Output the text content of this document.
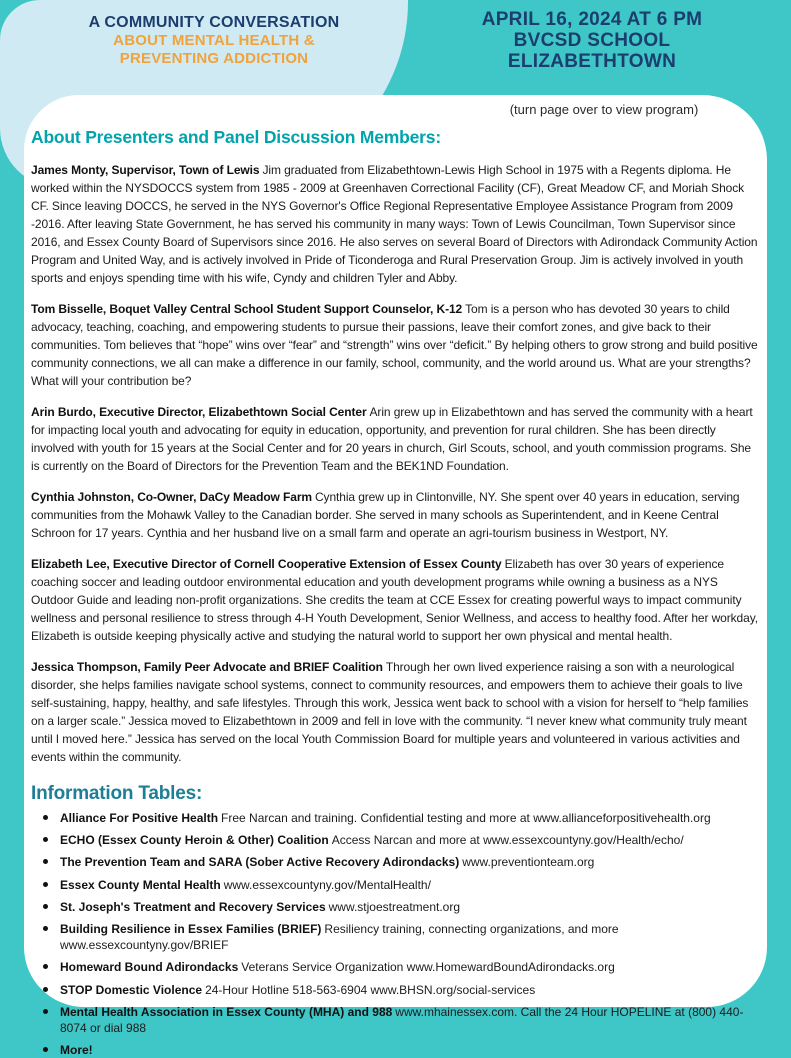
A COMMUNITY CONVERSATION
ABOUT MENTAL HEALTH &
PREVENTING ADDICTION
APRIL 16, 2024 AT 6 PM
BVCSD SCHOOL
ELIZABETHTOWN
(turn page over to view program)
About Presenters and Panel Discussion Members:

James Monty, Supervisor, Town of Lewis Jim graduated from Elizabethtown-Lewis High School in 1975 with a Regents diploma. He worked within the NYSDOCCS system from 1985 - 2009 at Greenhaven Correctional Facility (CF), Great Meadow CF, and Moriah Shock CF. Since leaving DOCCS, he served in the NYS Governor's Office Regional Representative Employee Assistance Program from 2009 -2016. After leaving State Government, he has served his community in many ways: Town of Lewis Councilman, Town Supervisor since 2016, and Essex County Board of Supervisors since 2016. He also serves on several Board of Directors with Adirondack Community Action Program and United Way, and is actively involved in Pride of Ticonderoga and Rural Preservation Group. Jim is actively involved in youth sports and enjoys spending time with his wife, Cyndy and children Tyler and Abby.

Tom Bisselle, Boquet Valley Central School Student Support Counselor, K-12 Tom is a person who has devoted 30 years to child advocacy, teaching, coaching, and empowering students to pursue their passions, leave their comfort zones, and give back to their communities. Tom believes that “hope” wins over “fear” and “strength” wins over “deficit.” By helping others to grow strong and build positive community connections, we all can make a difference in our family, school, community, and the world around us. What are your strengths? What will your contribution be?

Arin Burdo, Executive Director, Elizabethtown Social Center Arin grew up in Elizabethtown and has served the community with a heart for impacting local youth and advocating for equity in education, opportunity, and prevention for rural children. She has been directly involved with youth for 15 years at the Social Center and for 20 years in church, Girl Scouts, school, and youth commission programs. She is currently on the Board of Directors for the Prevention Team and the BEK1ND Foundation.

Cynthia Johnston, Co-Owner, DaCy Meadow Farm Cynthia grew up in Clintonville, NY. She spent over 40 years in education, serving communities from the Mohawk Valley to the Canadian border. She served in many schools as Superintendent, and in Keene Central Schroon for 17 years. Cynthia and her husband live on a small farm and operate an agri-tourism business in Westport, NY.

Elizabeth Lee, Executive Director of Cornell Cooperative Extension of Essex County Elizabeth has over 30 years of experience coaching soccer and leading outdoor environmental education and youth development programs while owning a business as a NYS Outdoor Guide and leading non-profit organizations. She credits the team at CCE Essex for creating powerful ways to impact community wellness and personal resilience to stress through 4-H Youth Development, Senior Wellness, and access to healthy food. After her workday, Elizabeth is outside keeping physically active and studying the natural world to support her own physical and mental health.

Jessica Thompson, Family Peer Advocate and BRIEF Coalition Through her own lived experience raising a son with a neurological disorder, she helps families navigate school systems, connect to community resources, and empowers them to achieve their goals to live self-sustaining, happy, healthy, and safe lifestyles. Through this work, Jessica went back to school with a vision for herself to “help families on a larger scale.” Jessica moved to Elizabethtown in 2009 and fell in love with the community. “I never knew what community truly meant until I moved here.” Jessica has served on the local Youth Commission Board for multiple years and volunteered in various activities and events within the community.

Information Tables:
Alliance For Positive Health Free Narcan and training. Confidential testing and more at www.allianceforpositivehealth.org
ECHO (Essex County Heroin & Other) Coalition Access Narcan and more at www.essexcountyny.gov/Health/echo/
The Prevention Team and SARA (Sober Active Recovery Adirondacks) www.preventionteam.org
Essex County Mental Health www.essexcountyny.gov/MentalHealth/
St. Joseph's Treatment and Recovery Services www.stjoestreatment.org
Building Resilience in Essex Families (BRIEF) Resiliency training, connecting organizations, and more www.essexcountyny.gov/BRIEF
Homeward Bound Adirondacks Veterans Service Organization www.HomewardBoundAdirondacks.org
STOP Domestic Violence 24-Hour Hotline 518-563-6904 www.BHSN.org/social-services
Mental Health Association in Essex County (MHA) and 988 www.mhainessex.com. Call the 24 Hour HOPELINE at (800) 440-8074 or dial 988
More!
